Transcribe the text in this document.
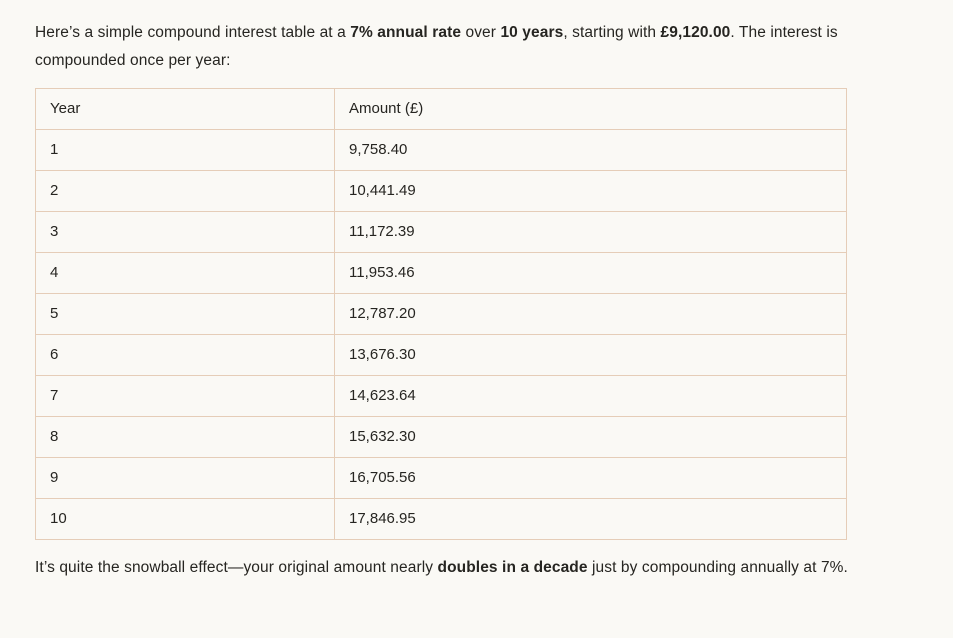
Here’s a simple compound interest table at a 7% annual rate over 10 years, starting with £9,120.00. The interest is compounded once per year:

Year	Amount (£)
1	9,758.40
2	10,441.49
3	11,172.39
4	11,953.46
5	12,787.20
6	13,676.30
7	14,623.64
8	15,632.30
9	16,705.56
10	17,846.95

It’s quite the snowball effect—your original amount nearly doubles in a decade just by compounding annually at 7%.
